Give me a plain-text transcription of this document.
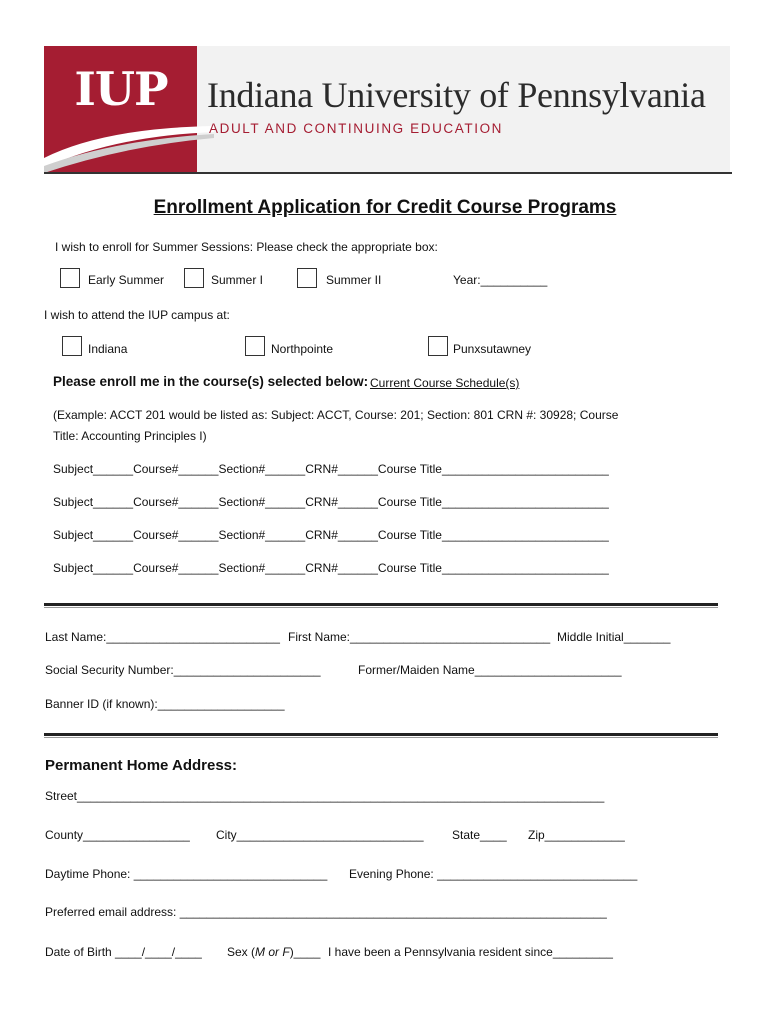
IUP	Indiana University of Pennsylvania
ADULT AND CONTINUING EDUCATION
Enrollment Application for Credit Course Programs
I wish to enroll for Summer Sessions: Please check the appropriate box:
Early Summer	Summer I	Summer II	Year:__________
I wish to attend the IUP campus at:
Indiana	Northpointe	Punxsutawney
Please enroll me in the course(s) selected below: Current Course Schedule(s)
(Example: ACCT 201 would be listed as: Subject: ACCT, Course: 201; Section: 801 CRN #: 30928; Course
Title: Accounting Principles I)
Subject______Course#______Section#______CRN#______Course Title_________________________
Subject______Course#______Section#______CRN#______Course Title_________________________
Subject______Course#______Section#______CRN#______Course Title_________________________
Subject______Course#______Section#______CRN#______Course Title_________________________
Last Name:__________________________ First Name:______________________________ Middle Initial_______
Social Security Number:______________________	Former/Maiden Name______________________
Banner ID (if known):___________________
Permanent Home Address:
Street_______________________________________________________________________________
County________________ City____________________________ State____ Zip____________
Daytime Phone: _____________________________ Evening Phone: ______________________________
Preferred email address: ________________________________________________________________
Date of Birth ____/____/____ Sex (M or F)____ I have been a Pennsylvania resident since_________
